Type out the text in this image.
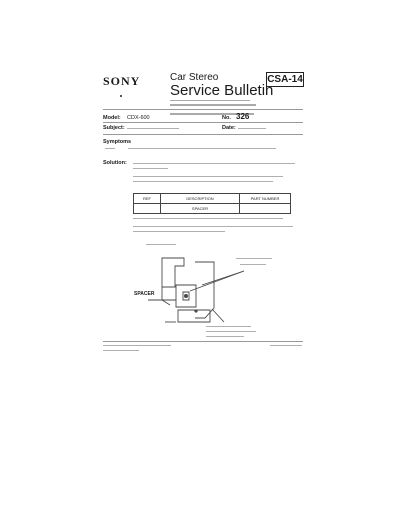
SONY	Car Stereo
Service Bulletin
CSA-14
Model: CDX-600	No. 326
Subject:	Date:
Symptoms
Solution:
REF	DESCRIPTION	PART NUMBER
	SPACER	
SPACER
